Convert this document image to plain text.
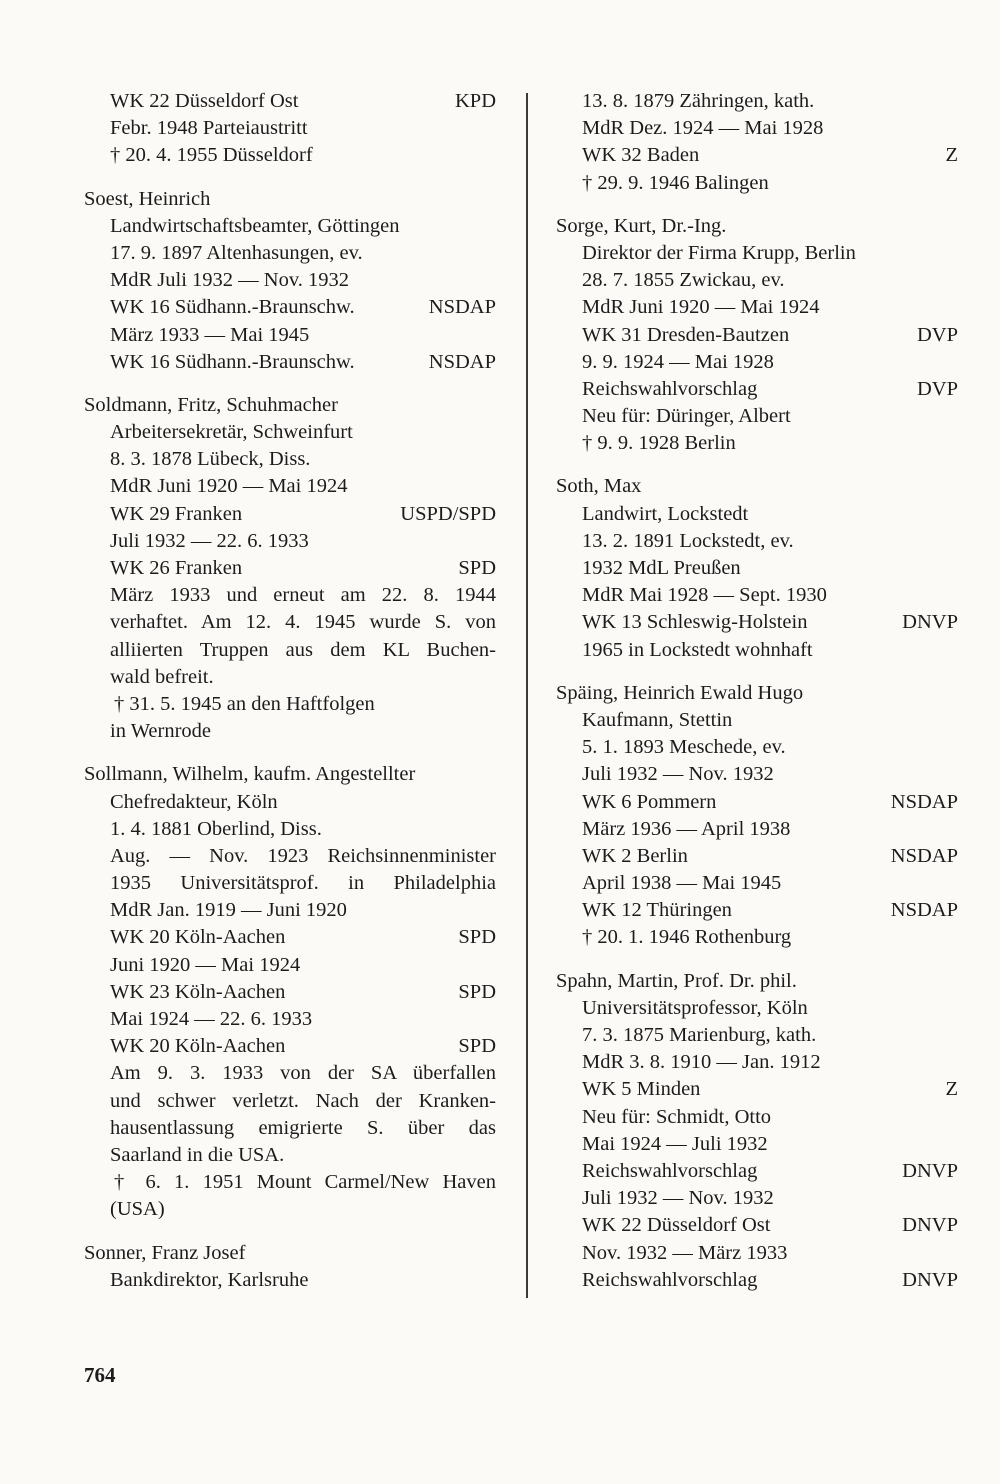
WK 22 Düsseldorf Ost	KPD
Febr. 1948 Parteiaustritt
† 20. 4. 1955 Düsseldorf
Soest, Heinrich
Landwirtschaftsbeamter, Göttingen
17. 9. 1897 Altenhasungen, ev.
MdR Juli 1932 — Nov. 1932
WK 16 Südhann.-Braunschw.	NSDAP
März 1933 — Mai 1945
WK 16 Südhann.-Braunschw.	NSDAP
Soldmann, Fritz, Schuhmacher
Arbeitersekretär, Schweinfurt
8. 3. 1878 Lübeck, Diss.
MdR Juni 1920 — Mai 1924
WK 29 Franken	USPD/SPD
Juli 1932 — 22. 6. 1933
WK 26 Franken	SPD
März 1933 und erneut am 22. 8. 1944
verhaftet. Am 12. 4. 1945 wurde S. von
alliierten Truppen aus dem KL Buchen-
wald befreit.
† 31. 5. 1945 an den Haftfolgen
in Wernrode
Sollmann, Wilhelm, kaufm. Angestellter
Chefredakteur, Köln
1. 4. 1881 Oberlind, Diss.
Aug. — Nov. 1923 Reichsinnenminister
1935 Universitätsprof. in Philadelphia
MdR Jan. 1919 — Juni 1920
WK 20 Köln-Aachen	SPD
Juni 1920 — Mai 1924
WK 23 Köln-Aachen	SPD
Mai 1924 — 22. 6. 1933
WK 20 Köln-Aachen	SPD
Am 9. 3. 1933 von der SA überfallen
und schwer verletzt. Nach der Kranken-
hausentlassung emigrierte S. über das
Saarland in die USA.
† 6. 1. 1951 Mount Carmel/New Haven
(USA)
Sonner, Franz Josef
Bankdirektor, Karlsruhe
13. 8. 1879 Zähringen, kath.
MdR Dez. 1924 — Mai 1928
WK 32 Baden	Z
† 29. 9. 1946 Balingen
Sorge, Kurt, Dr.-Ing.
Direktor der Firma Krupp, Berlin
28. 7. 1855 Zwickau, ev.
MdR Juni 1920 — Mai 1924
WK 31 Dresden-Bautzen	DVP
9. 9. 1924 — Mai 1928
Reichswahlvorschlag	DVP
Neu für: Düringer, Albert
† 9. 9. 1928 Berlin
Soth, Max
Landwirt, Lockstedt
13. 2. 1891 Lockstedt, ev.
1932 MdL Preußen
MdR Mai 1928 — Sept. 1930
WK 13 Schleswig-Holstein	DNVP
1965 in Lockstedt wohnhaft
Späing, Heinrich Ewald Hugo
Kaufmann, Stettin
5. 1. 1893 Meschede, ev.
Juli 1932 — Nov. 1932
WK 6 Pommern	NSDAP
März 1936 — April 1938
WK 2 Berlin	NSDAP
April 1938 — Mai 1945
WK 12 Thüringen	NSDAP
† 20. 1. 1946 Rothenburg
Spahn, Martin, Prof. Dr. phil.
Universitätsprofessor, Köln
7. 3. 1875 Marienburg, kath.
MdR 3. 8. 1910 — Jan. 1912
WK 5 Minden	Z
Neu für: Schmidt, Otto
Mai 1924 — Juli 1932
Reichswahlvorschlag	DNVP
Juli 1932 — Nov. 1932
WK 22 Düsseldorf Ost	DNVP
Nov. 1932 — März 1933
Reichswahlvorschlag	DNVP
764
